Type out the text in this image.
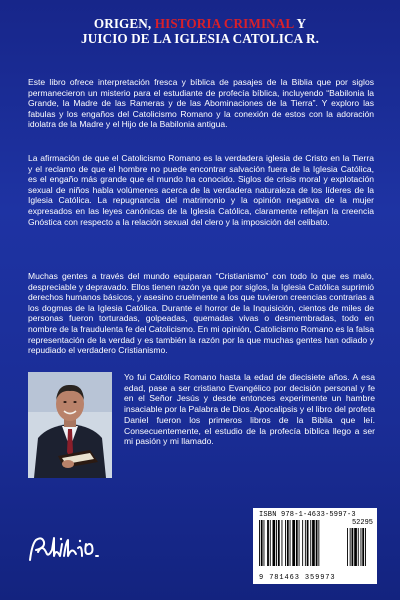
ORIGEN, HISTORIA CRIMINAL Y
JUICIO DE LA IGLESIA CATOLICA R.
Este libro ofrece interpretación fresca y bíblica de pasajes de la Biblia que por siglos permanecieron un misterio para el estudiante de profecía bíblica, incluyendo “Babilonia la Grande, la Madre de las Rameras y de las Abominaciones de la Tierra”. Y exploro las fabulas y los engaños del Catolicismo Romano y la conexión de estos con la adoración idolatra de la Madre y el Hijo de la Babilonia antigua.
La afirmación de que el Catolicismo Romano es la verdadera iglesia de Cristo en la Tierra y el reclamo de que el hombre no puede encontrar salvación fuera de la Iglesia Católica, es el engaño más grande que el mundo ha conocido. Siglos de crisis moral y explotación sexual de niños habla volúmenes acerca de la verdadera naturaleza de los líderes de la Iglesia Católica. La repugnancia del matrimonio y la opinión negativa de la mujer expresados en las leyes canónicas de la Iglesia Católica, claramente reflejan la creencia Gnóstica con respecto a la relación sexual del clero y la imposición del celibato.
Muchas gentes a través del mundo equiparan “Cristianismo” con todo lo que es malo, despreciable y depravado. Ellos tienen razón ya que por siglos, la Iglesia Católica suprimió derechos humanos básicos, y asesino cruelmente a los que tuvieron creencias contrarias a los dogmas de la Iglesia Católica. Durante el horror de la Inquisición, cientos de miles de personas fueron torturadas, golpeadas, quemadas vivas o desmembradas, todo en nombre de la fraudulenta fe del Catolicismo. En mi opinión, Catolicismo Romano es la falsa representación de la verdad y es también la razón por la que muchas gentes han odiado y repudiado el verdadero Cristianismo.
Yo fui Católico Romano hasta la edad de diecisiete años. A esa edad, pase a ser cristiano Evangélico por decisión personal y fe en el Señor Jesús y desde entonces experimente un hambre insaciable por la Palabra de Dios. Apocalipsis y el libro del profeta Daniel fueron los primeros libros de la Biblia que leí. Consecuentemente, el estudio de la profecía bíblica llego a ser mi pasión y mi llamado.
ISBN 978-1-4633-5997-3
52295
9 781463 359973
